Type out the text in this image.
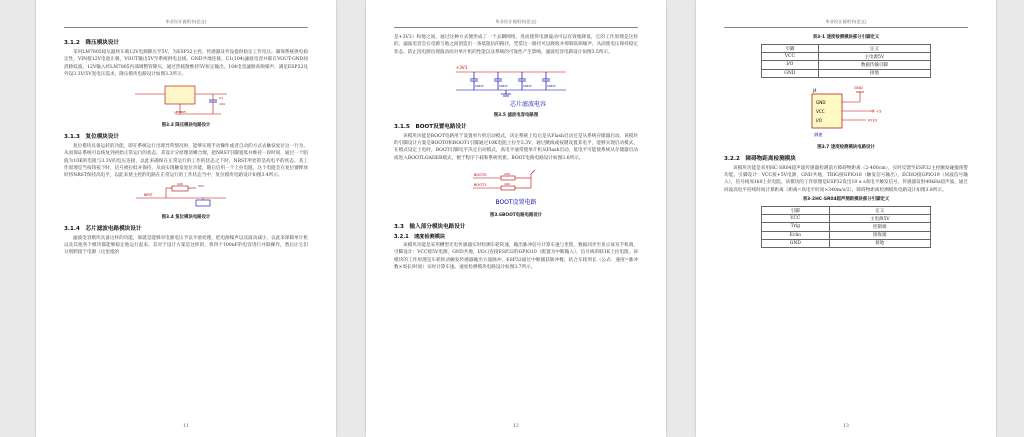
毕业设计说明书(论文)
3.1.2　降压模块设计

采用LM7805稳压器将车载12V电源降压至5V，为ESP32主控、传感器及外设提供稳定工作电压。确保系统供电稳定性，VIN接12V电池正极，VOUT输出5V至系统供电总线，GND共地连接。C1(104)滤波电容并联在VOUT-GND间消除纹波，12V输入经LM7805内部调整管降压，通过热耗散维持5V恒定输出，104电容滤除高频噪声，满足ESP32及外设3.3V/5V宽电压需求，降压模块电路设计如图3.3所示。

LM7805
C1
104
图3.3 降压模块电路设计
3.1.3　复位模块设计

复位模块具备运转的功能，即在系统运行出现异常情况时，能够实现手动操作或者自动的方式去触发复位这一行为，从而保证系统可以恢复到初始正常运行的状态。其设计分原理清晰合理，把NRST引脚置低并维持一段时间，通过一个阻值为10K的电阻与3.3V的电压连接，以此来确保在正常运行的工作的状态之下时，NRST所处的是高电平的状态。其工作原理是当按钮按下时，信号被拉低并保持，从而实现触发复位功能，随后启用一个上拉电阻，这个电阻会在复位键释放时将NRST保持高电平，以此来使主控的电路在正常运行的工作状态当中，复位模块电路设计如图3.4所示。

NRST
10K	3V3
图3.4 复位模块电路设计
3.1.4　芯片滤波电路模块设计

滤波电容模块具备这样的功能，那就是能够对电源电压予以平滑处理，把电源噪声以及波动减小，以此来保障单片机以及其他各个模块都能够稳定地运行起来。其对于设计方案是这样的，将四个100nF的电容进行并联操作，然后让它们分别跨接于电源（这里指的

11
毕业设计说明书(论文)

是+3V3）和地之间，通过这种方式便形成了一个去耦网络，进而使得电源波动可以有效地降低，它的工作原理是这样的，滤波电容会在电源与地之间创造出一条低阻抗的路径，凭借这一路径可以吸收并抑制高频噪声，从而使电压保持稳定状态，防止因电源出现波动而对单片机的性能以及系统的可靠性产生影响，滤波电容电路设计如图3.5所示。

+3V3
100nF	100nF	100nF	100nF
芯片滤波电容
图3.5 滤波电容电路图
3.1.5　BOOT设置电路设计

该模块功能是BOOT电路用于设置单片机启动模式，决定系统上电后是从Flash启动还是从系统存储器启动。该模块的引脚设计方案是BOOT0和BOOT1引脚通过10K电阻上拉至3.3V，通过跳线或按键设置其电平，能够实现启动模式，在模式设定上电时，BOOT引脚电平决定启动模式，高电平通常使单片机从Flash启动，低电平可能使系统从存储器启动或进入BOOTLOADER模式，便于程序下载和系统更新。BOOT电路电路设计如图3.6所示。

BOOT0
BOOT1
10K
10K
BOOT设置电路
图3.6BOOT电路电路设计
3.3　输入部分模块电路设计
3.2.1　速度检测模块

该模块功能是采用槽型光电传感器实时检测车轮转速，输出脉冲信号计算车速与里程，数据同步至显示屏及手机端，引脚设计：VCC接5V电源，GND共地，I/O口连接ESP32的GPIO10（配置为中断输入），信号线串联1K上拉电阻。该模块的工作原理是车轮转动触发传感器输出方波脉冲，ESP32通过中断捕获脉冲数，结合车轮周长（公式：速度=脉冲数×周长/时间）实时计算车速。速度检测模块电路设计如图3.7所示。

12
毕业设计说明书(论文)
表3-1 速度检测模块部分引脚定义
引脚	定义
VCC	主电源5V
I/O	数据传输引脚
GND	接地
J4
GND
VCC
I/O
GND
+5
IO10
测速
图3.7 速度检测模块电路设计
3.2.2　障碍物距离检测模块

该模块功能是采用HC-SR04超声波传感器检测前方障碍物距离（2-400cm），实时反馈至ESP32主控触发碰撞预警功能。引脚设计：VCC接+5V电源，GND共地，TRIG接GPIO18（触发信号输出），ECHO接GPIO19（回波信号输入），信号线加1k0上拉电阻。该模块的工作原理是ESP32发出10 u s高电平触发信号，传感器发射40kHz超声波，通过回波高电平持续时间计算距离（距离=高电平时间×340m/s/2），障碍物距离检测模块电路设计如图3.8所示。

表3-2HC-SR04超声测距模块部分引脚定义
引脚	定义
VCC	主电源5V
Trig	控制端
Echo	接收端
GND	接地
13
